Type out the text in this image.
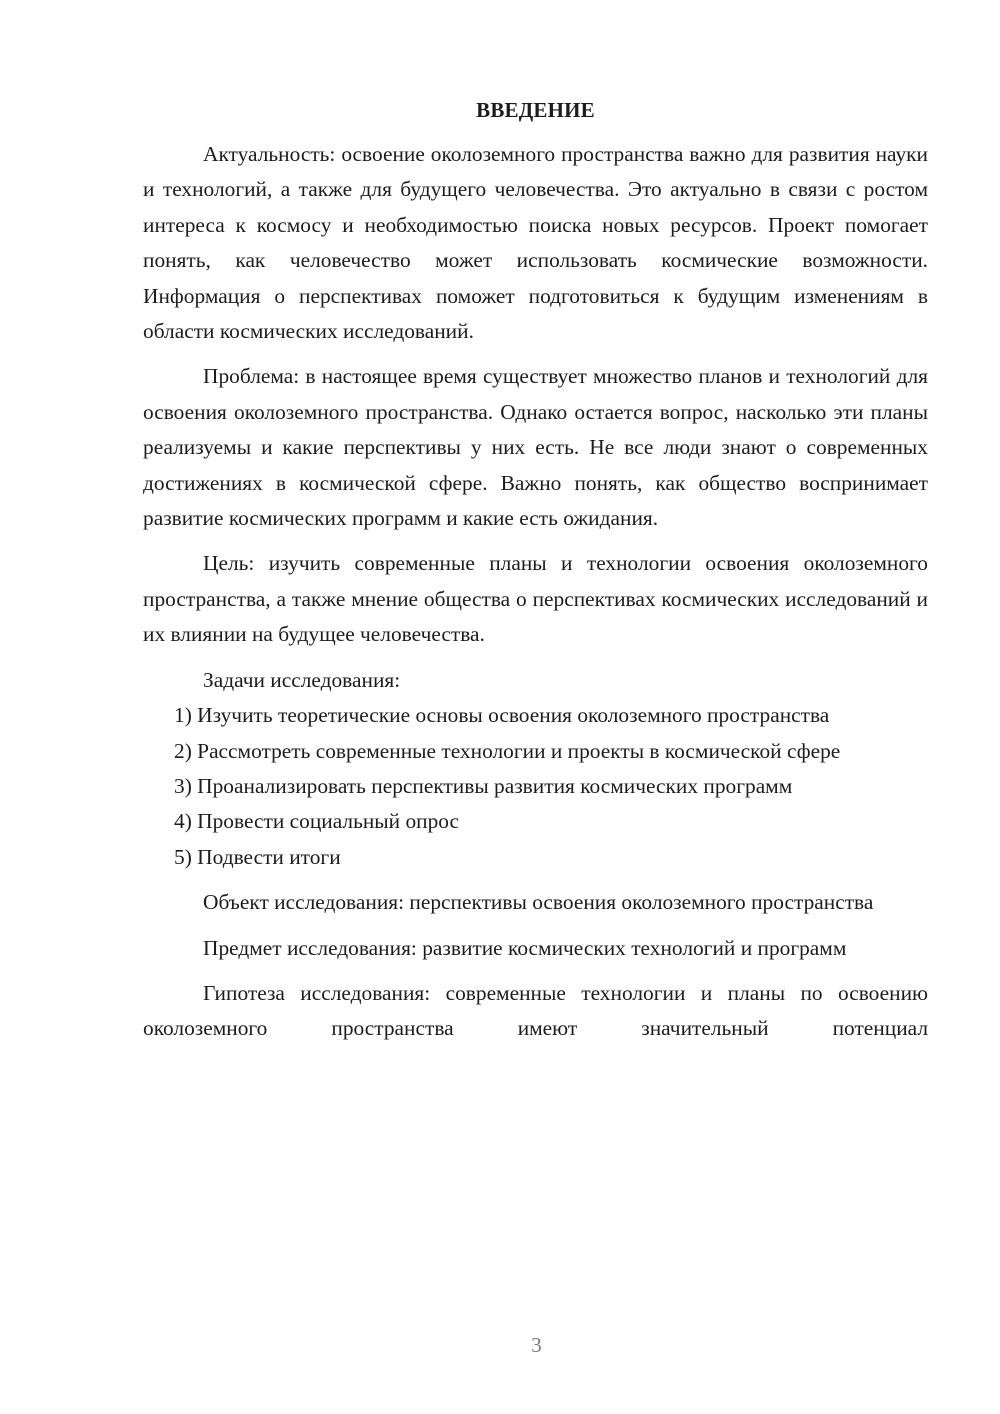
ВВЕДЕНИЕ

Актуальность: освоение околоземного пространства важно для развития науки и технологий, а также для будущего человечества. Это актуально в связи с ростом интереса к космосу и необходимостью поиска новых ресурсов. Проект помогает понять, как человечество может использовать космические возможности. Информация о перспективах поможет подготовиться к будущим изменениям в области космических исследований.

Проблема: в настоящее время существует множество планов и технологий для освоения околоземного пространства. Однако остается вопрос, насколько эти планы реализуемы и какие перспективы у них есть. Не все люди знают о современных достижениях в космической сфере. Важно понять, как общество воспринимает развитие космических программ и какие есть ожидания.

Цель: изучить современные планы и технологии освоения околоземного пространства, а также мнение общества о перспективах космических исследований и их влиянии на будущее человечества.

Задачи исследования:

1) Изучить теоретические основы освоения околоземного пространства

2) Рассмотреть современные технологии и проекты в космической сфере

3) Проанализировать перспективы развития космических программ

4) Провести социальный опрос

5) Подвести итоги

Объект исследования: перспективы освоения околоземного пространства

Предмет исследования: развитие космических технологий и программ

Гипотеза исследования: современные технологии и планы по освоению околоземного пространства имеют значительный потенциал

3
